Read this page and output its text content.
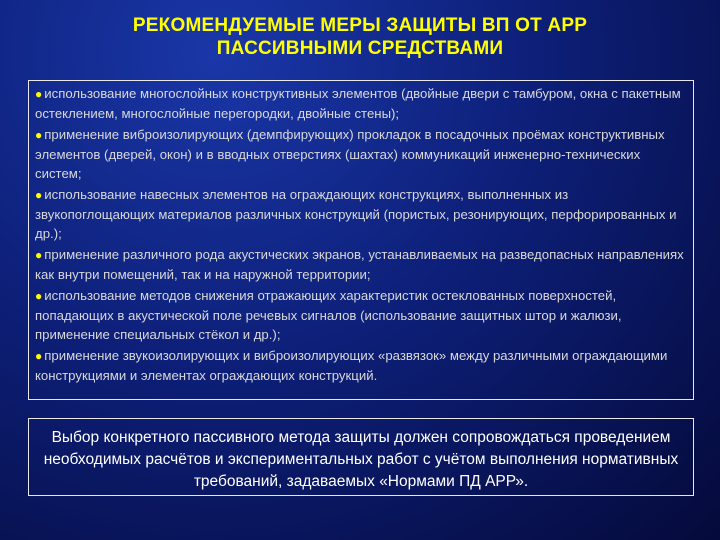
РЕКОМЕНДУЕМЫЕ МЕРЫ ЗАЩИТЫ ВП ОТ АРР
ПАССИВНЫМИ СРЕДСТВАМИ
● использование многослойных конструктивных элементов (двойные двери с тамбуром, окна с пакетным остеклением, многослойные перегородки, двойные стены);
● применение виброизолирующих (демпфирующих) прокладок в посадочных проёмах конструктивных элементов (дверей, окон) и в вводных отверстиях (шахтах) коммуникаций инженерно-технических систем;
● использование навесных элементов на ограждающих конструкциях, выполненных из звукопоглощающих материалов различных конструкций (пористых, резонирующих, перфорированных и др.);
● применение различного рода акустических экранов, устанавливаемых на разведопасных направлениях как внутри помещений, так и на наружной территории;
● использование методов снижения отражающих характеристик остеклованных поверхностей, попадающих в акустической поле речевых сигналов (использование защитных штор и жалюзи, применение специальных стёкол и др.);
● применение звукоизолирующих и виброизолирующих «развязок» между различными ограждающими конструкциями и элементах ограждающих конструкций.
Выбор конкретного пассивного метода защиты должен сопровождаться проведением необходимых расчётов и экспериментальных работ с учётом выполнения нормативных требований, задаваемых «Нормами ПД АРР».
